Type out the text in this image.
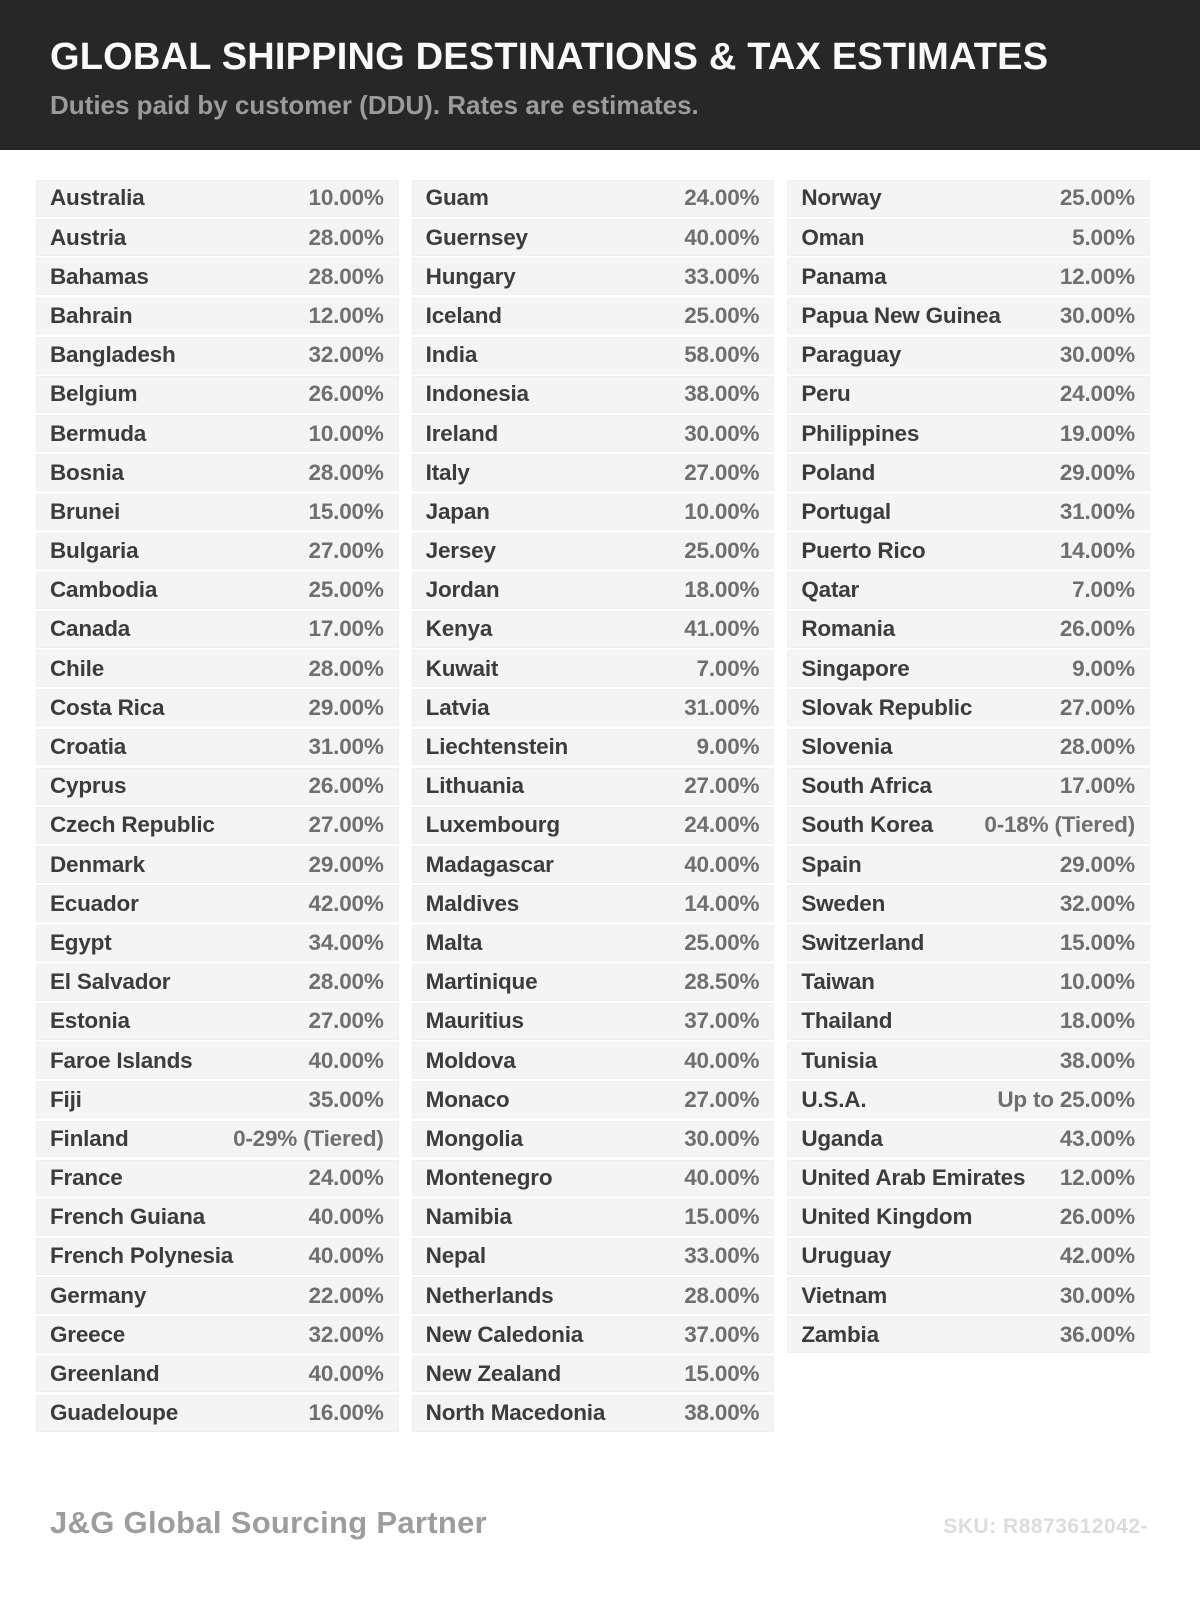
GLOBAL SHIPPING DESTINATIONS & TAX ESTIMATES
Duties paid by customer (DDU). Rates are estimates.
Australia	10.00%
Austria	28.00%
Bahamas	28.00%
Bahrain	12.00%
Bangladesh	32.00%
Belgium	26.00%
Bermuda	10.00%
Bosnia	28.00%
Brunei	15.00%
Bulgaria	27.00%
Cambodia	25.00%
Canada	17.00%
Chile	28.00%
Costa Rica	29.00%
Croatia	31.00%
Cyprus	26.00%
Czech Republic	27.00%
Denmark	29.00%
Ecuador	42.00%
Egypt	34.00%
El Salvador	28.00%
Estonia	27.00%
Faroe Islands	40.00%
Fiji	35.00%
Finland	0-29% (Tiered)
France	24.00%
French Guiana	40.00%
French Polynesia	40.00%
Germany	22.00%
Greece	32.00%
Greenland	40.00%
Guadeloupe	16.00%
Guam	24.00%
Guernsey	40.00%
Hungary	33.00%
Iceland	25.00%
India	58.00%
Indonesia	38.00%
Ireland	30.00%
Italy	27.00%
Japan	10.00%
Jersey	25.00%
Jordan	18.00%
Kenya	41.00%
Kuwait	7.00%
Latvia	31.00%
Liechtenstein	9.00%
Lithuania	27.00%
Luxembourg	24.00%
Madagascar	40.00%
Maldives	14.00%
Malta	25.00%
Martinique	28.50%
Mauritius	37.00%
Moldova	40.00%
Monaco	27.00%
Mongolia	30.00%
Montenegro	40.00%
Namibia	15.00%
Nepal	33.00%
Netherlands	28.00%
New Caledonia	37.00%
New Zealand	15.00%
North Macedonia	38.00%
Norway	25.00%
Oman	5.00%
Panama	12.00%
Papua New Guinea	30.00%
Paraguay	30.00%
Peru	24.00%
Philippines	19.00%
Poland	29.00%
Portugal	31.00%
Puerto Rico	14.00%
Qatar	7.00%
Romania	26.00%
Singapore	9.00%
Slovak Republic	27.00%
Slovenia	28.00%
South Africa	17.00%
South Korea 0-18% (Tiered)
Spain	29.00%
Sweden	32.00%
Switzerland	15.00%
Taiwan	10.00%
Thailand	18.00%
Tunisia	38.00%
U.S.A.	Up to 25.00%
Uganda	43.00%
United Arab Emirates 12.00%
United Kingdom	26.00%
Uruguay	42.00%
Vietnam	30.00%
Zambia	36.00%
J&G Global Sourcing Partner	SKU: R8873612042-
